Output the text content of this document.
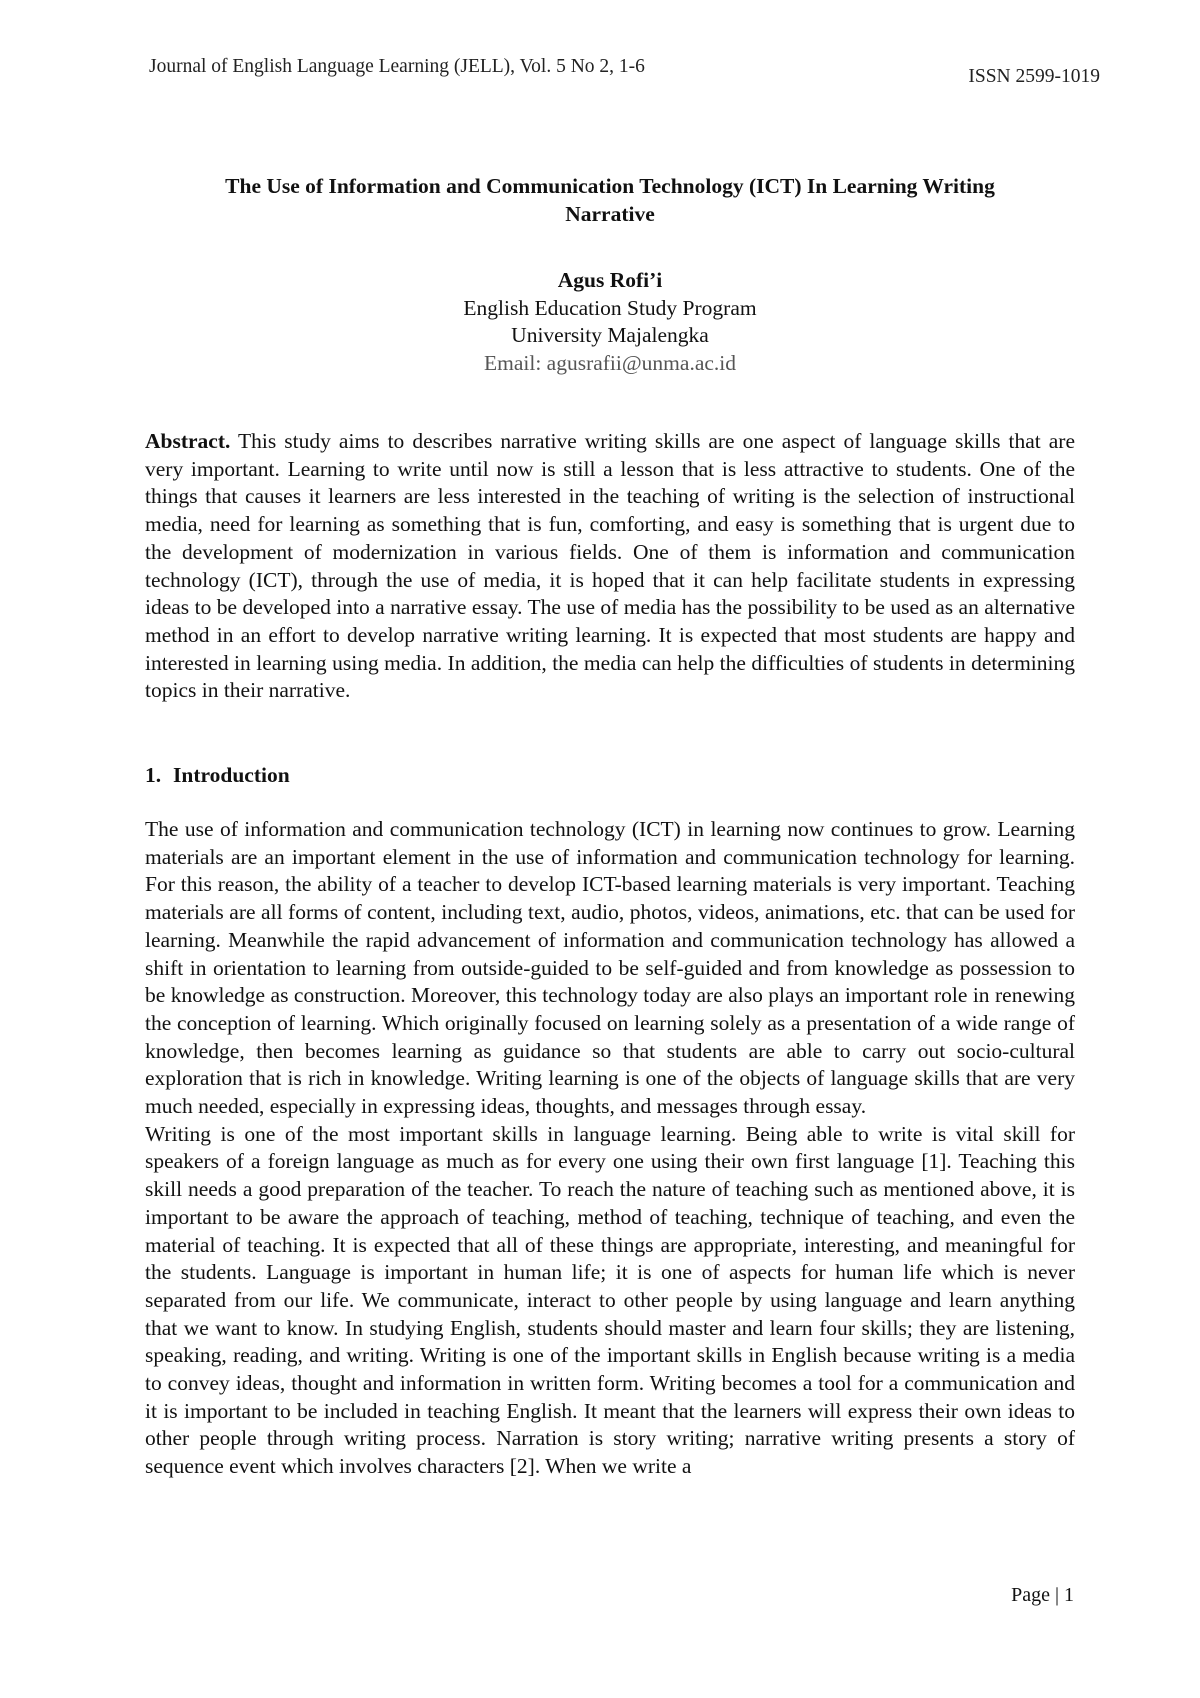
Journal of English Language Learning (JELL), Vol. 5 No 2, 1-6	ISSN 2599-1019
The Use of Information and Communication Technology (ICT) In Learning Writing
Narrative
Agus Rofi’i
English Education Study Program
University Majalengka
Email: agusrafii@unma.ac.id
Abstract. This study aims to describes narrative writing skills are one aspect of language skills that are very important. Learning to write until now is still a lesson that is less attractive to students. One of the things that causes it learners are less interested in the teaching of writing is the selection of instructional media, need for learning as something that is fun, comforting, and easy is something that is urgent due to the development of modernization in various fields. One of them is information and communication technology (ICT), through the use of media, it is hoped that it can help facilitate students in expressing ideas to be developed into a narrative essay. The use of media has the possibility to be used as an alternative method in an effort to develop narrative writing learning. It is expected that most students are happy and interested in learning using media. In addition, the media can help the difficulties of students in determining topics in their narrative.
1. Introduction

The use of information and communication technology (ICT) in learning now continues to grow. Learning materials are an important element in the use of information and communication technology for learning. For this reason, the ability of a teacher to develop ICT-based learning materials is very important. Teaching materials are all forms of content, including text, audio, photos, videos, animations, etc. that can be used for learning. Meanwhile the rapid advancement of information and communication technology has allowed a shift in orientation to learning from outside-guided to be self-guided and from knowledge as possession to be knowledge as construction. Moreover, this technology today are also plays an important role in renewing the conception of learning. Which originally focused on learning solely as a presentation of a wide range of knowledge, then becomes learning as guidance so that students are able to carry out socio-cultural exploration that is rich in knowledge. Writing learning is one of the objects of language skills that are very much needed, especially in expressing ideas, thoughts, and messages through essay.

Writing is one of the most important skills in language learning. Being able to write is vital skill for speakers of a foreign language as much as for every one using their own first language [1]. Teaching this skill needs a good preparation of the teacher. To reach the nature of teaching such as mentioned above, it is important to be aware the approach of teaching, method of teaching, technique of teaching, and even the material of teaching. It is expected that all of these things are appropriate, interesting, and meaningful for the students. Language is important in human life; it is one of aspects for human life which is never separated from our life. We communicate, interact to other people by using language and learn anything that we want to know. In studying English, students should master and learn four skills; they are listening, speaking, reading, and writing. Writing is one of the important skills in English because writing is a media to convey ideas, thought and information in written form. Writing becomes a tool for a communication and it is important to be included in teaching English. It meant that the learners will express their own ideas to other people through writing process. Narration is story writing; narrative writing presents a story of sequence event which involves characters [2]. When we write a

Page | 1
